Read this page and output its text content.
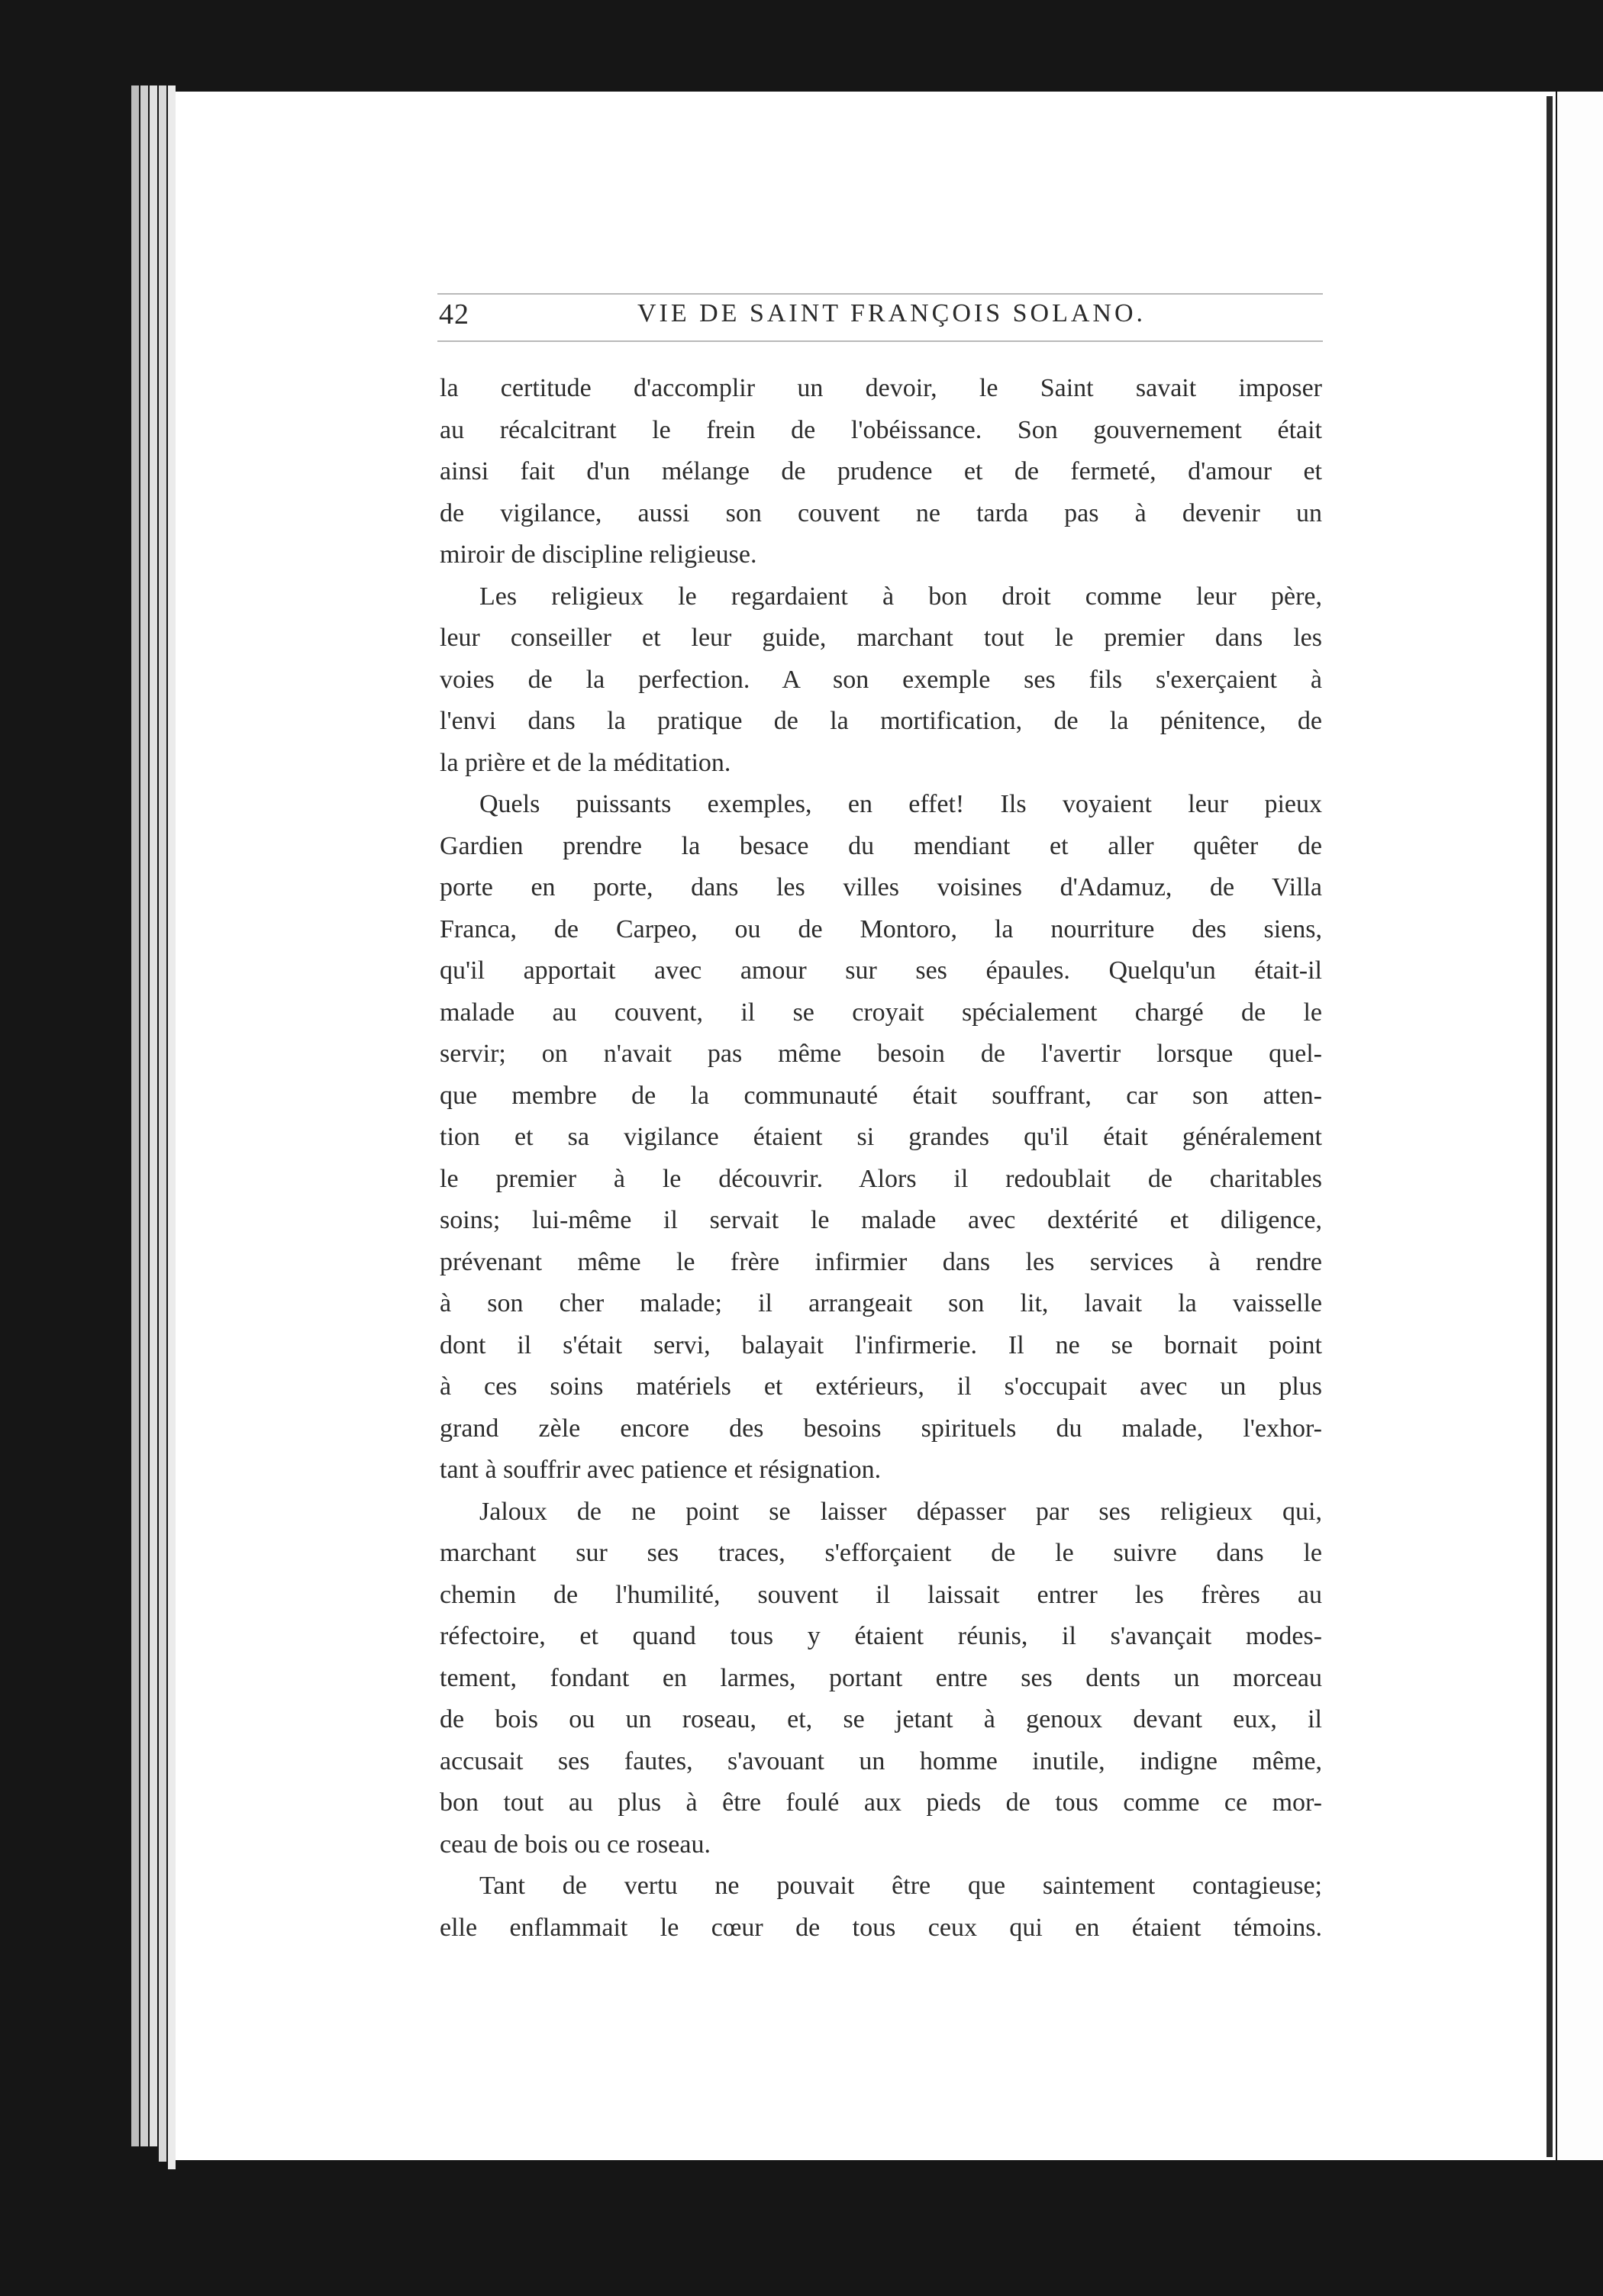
42	VIE DE SAINT FRANÇOIS SOLANO.
la certitude d'accomplir un devoir, le Saint savait imposer
au récalcitrant le frein de l'obéissance. Son gouvernement était
ainsi fait d'un mélange de prudence et de fermeté, d'amour et
de vigilance, aussi son couvent ne tarda pas à devenir un
miroir de discipline religieuse.
Les religieux le regardaient à bon droit comme leur père,
leur conseiller et leur guide, marchant tout le premier dans les
voies de la perfection. A son exemple ses fils s'exerçaient à
l'envi dans la pratique de la mortification, de la pénitence, de
la prière et de la méditation.
Quels puissants exemples, en effet! Ils voyaient leur pieux
Gardien prendre la besace du mendiant et aller quêter de
porte en porte, dans les villes voisines d'Adamuz, de Villa
Franca, de Carpeo, ou de Montoro, la nourriture des siens,
qu'il apportait avec amour sur ses épaules. Quelqu'un était-il
malade au couvent, il se croyait spécialement chargé de le
servir; on n'avait pas même besoin de l'avertir lorsque quel-
que membre de la communauté était souffrant, car son atten-
tion et sa vigilance étaient si grandes qu'il était généralement
le premier à le découvrir. Alors il redoublait de charitables
soins; lui-même il servait le malade avec dextérité et diligence,
prévenant même le frère infirmier dans les services à rendre
à son cher malade; il arrangeait son lit, lavait la vaisselle
dont il s'était servi, balayait l'infirmerie. Il ne se bornait point
à ces soins matériels et extérieurs, il s'occupait avec un plus
grand zèle encore des besoins spirituels du malade, l'exhor-
tant à souffrir avec patience et résignation.
Jaloux de ne point se laisser dépasser par ses religieux qui,
marchant sur ses traces, s'efforçaient de le suivre dans le
chemin de l'humilité, souvent il laissait entrer les frères au
réfectoire, et quand tous y étaient réunis, il s'avançait modes-
tement, fondant en larmes, portant entre ses dents un morceau
de bois ou un roseau, et, se jetant à genoux devant eux, il
accusait ses fautes, s'avouant un homme inutile, indigne même,
bon tout au plus à être foulé aux pieds de tous comme ce mor-
ceau de bois ou ce roseau.
Tant de vertu ne pouvait être que saintement contagieuse;
elle enflammait le cœur de tous ceux qui en étaient témoins.
